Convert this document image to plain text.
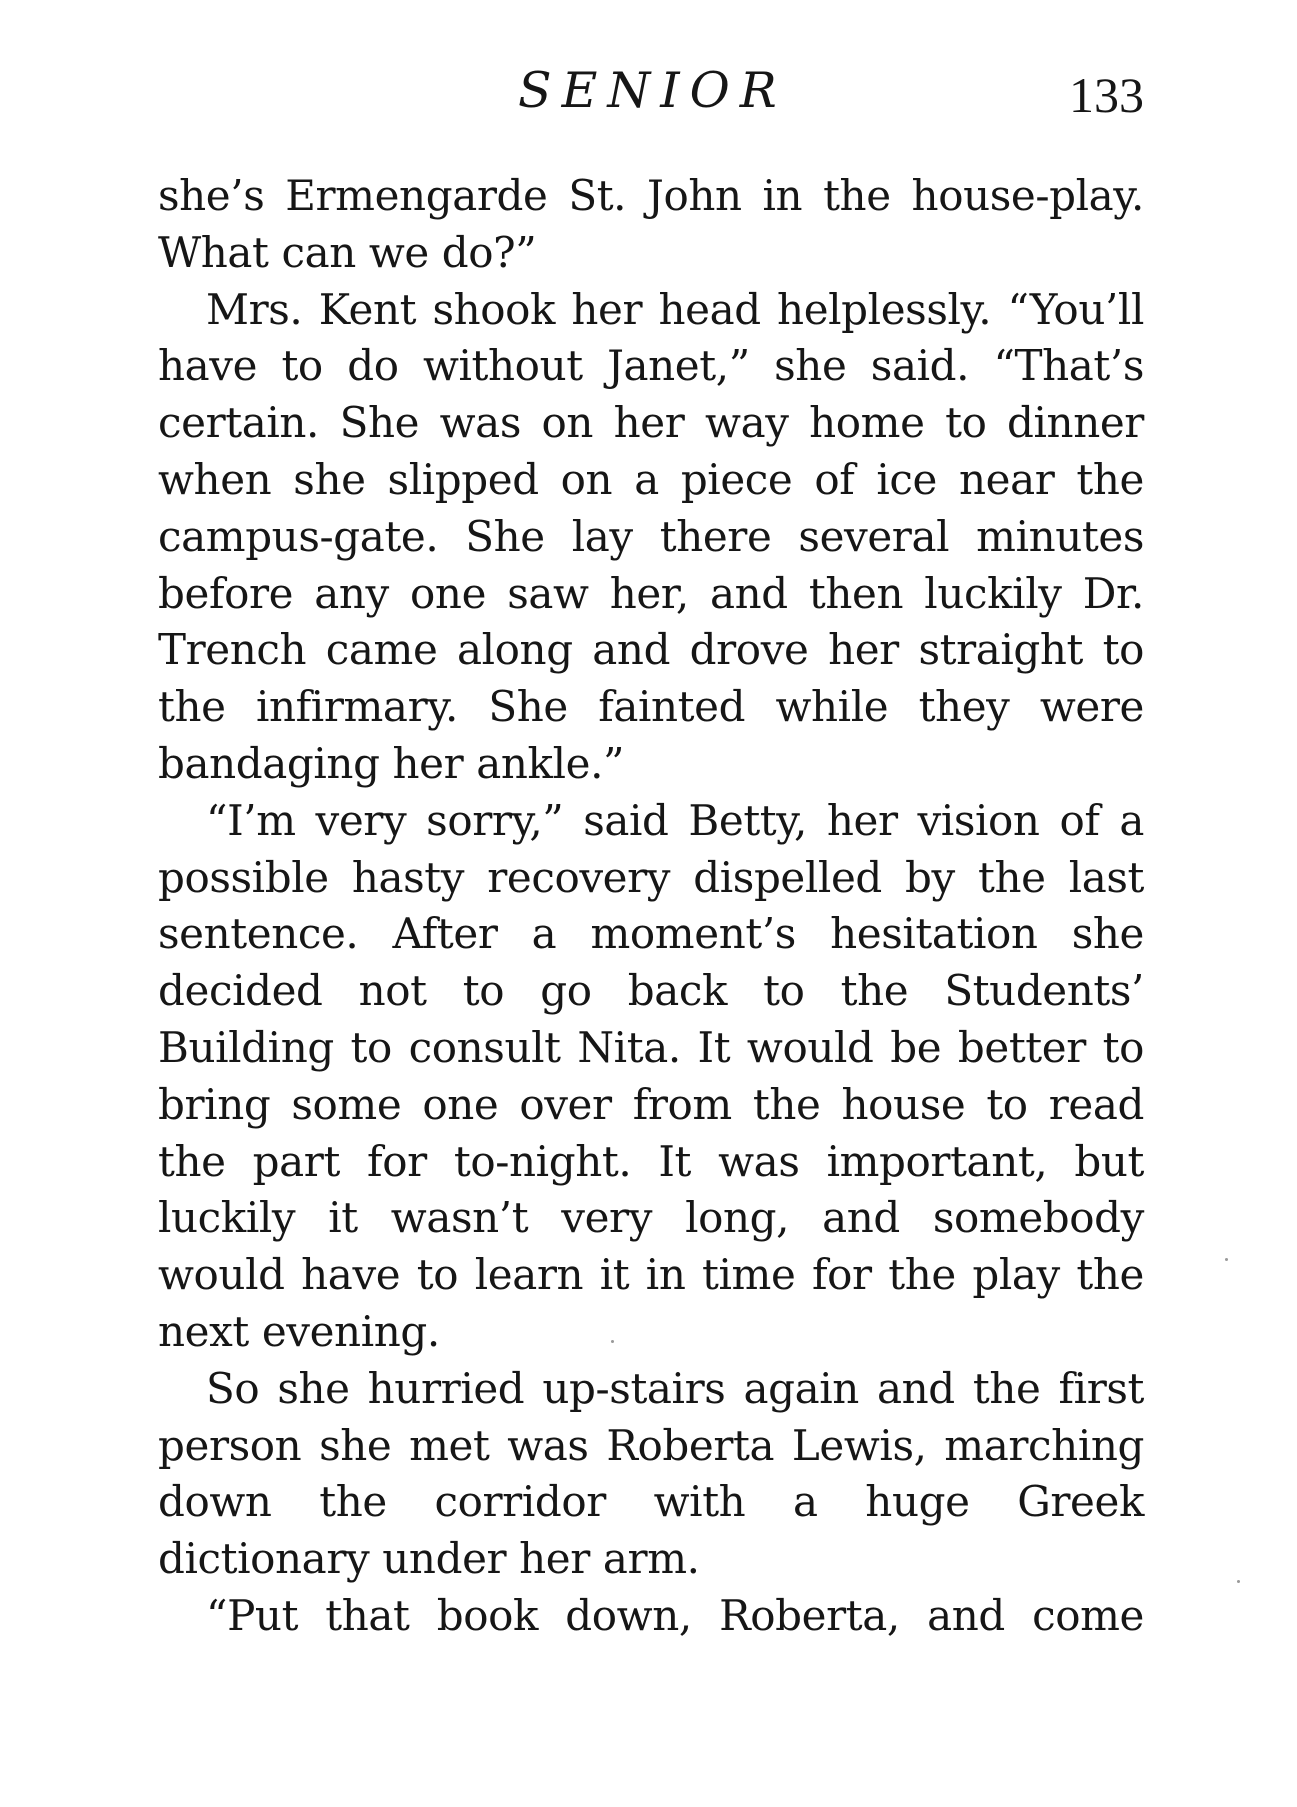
SENIOR	133

she’s Ermengarde St. John in the house-play. What can we do?”

Mrs. Kent shook her head helplessly. “You’ll have to do without Janet,” she said. “That’s certain. She was on her way home to dinner when she slipped on a piece of ice near the campus-gate. She lay there several minutes before any one saw her, and then luckily Dr. Trench came along and drove her straight to the infirmary. She fainted while they were bandaging her ankle.”

“I’m very sorry,” said Betty, her vision of a possible hasty recovery dispelled by the last sentence. After a moment’s hesitation she decided not to go back to the Students’ Building to consult Nita. It would be better to bring some one over from the house to read the part for to-night. It was important, but luckily it wasn’t very long, and somebody would have to learn it in time for the play the next evening.

So she hurried up-stairs again and the first person she met was Roberta Lewis, marching down the corridor with a huge Greek dictionary under her arm.

“Put that book down, Roberta, and come
